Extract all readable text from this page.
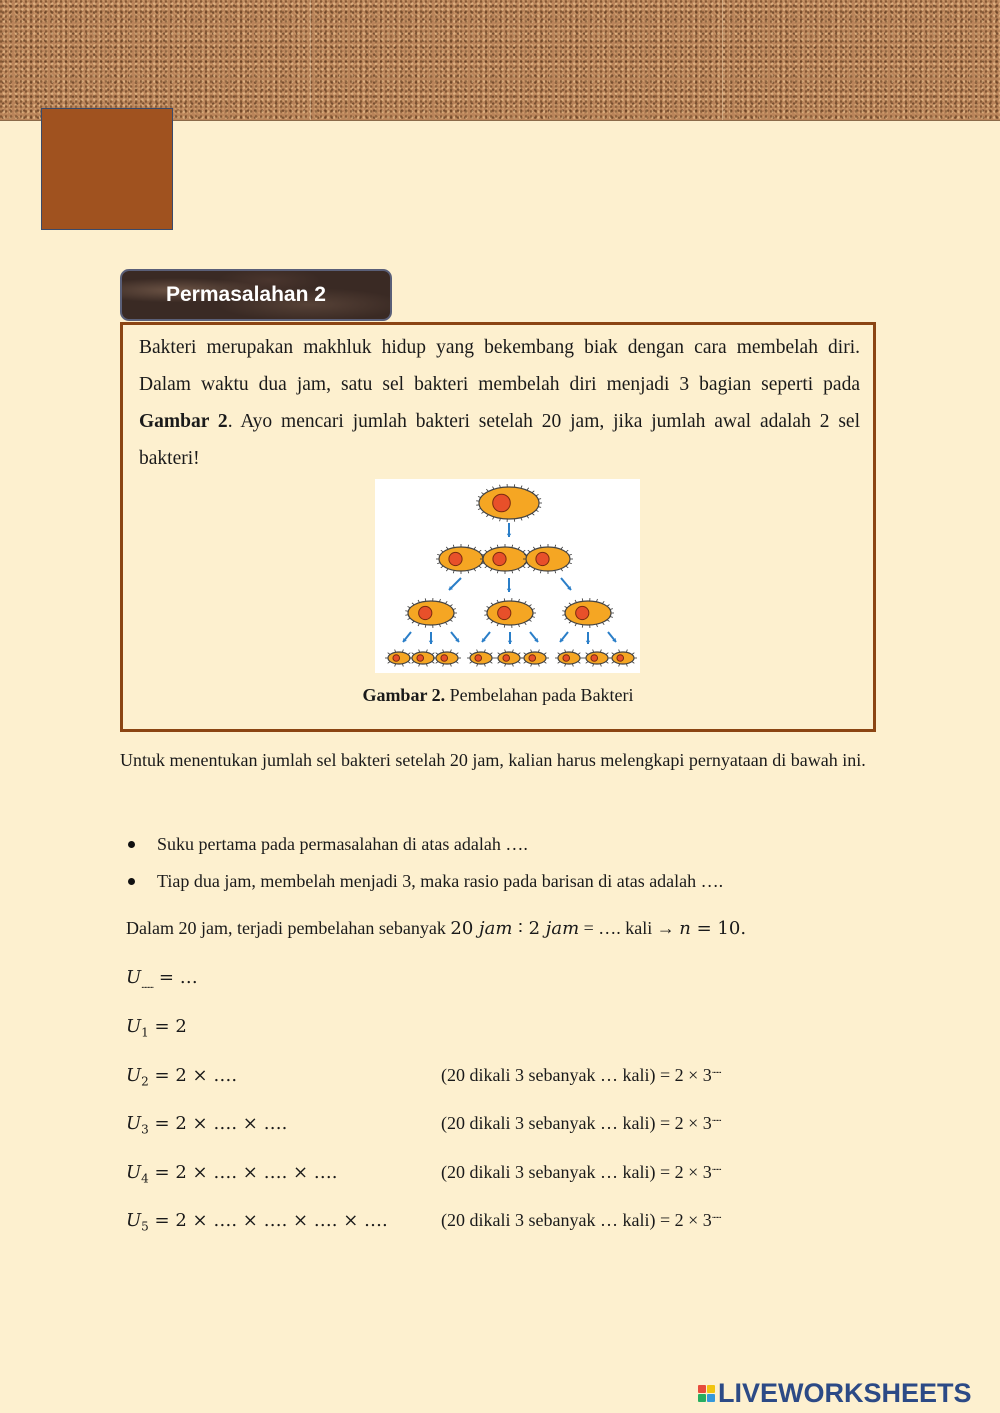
Permasalahan 2
Bakteri merupakan makhluk hidup yang bekembang biak dengan cara membelah diri. Dalam waktu dua jam, satu sel bakteri membelah diri menjadi 3 bagian seperti pada Gambar 2. Ayo mencari jumlah bakteri setelah 20 jam, jika jumlah awal adalah 2 sel bakteri!
Gambar 2. Pembelahan pada Bakteri
Untuk menentukan jumlah sel bakteri setelah 20 jam, kalian harus melengkapi pernyataan di bawah ini.
Suku pertama pada permasalahan di atas adalah ….
Tiap dua jam, membelah menjadi 3, maka rasio pada barisan di atas adalah ….
Dalam 20 jam, terjadi pembelahan sebanyak 20 jam ∶ 2 jam = …. kali → n = 10.
$U_{........}$ = …
$U_1 = 2$
$U_2 = 2$ × ….	(20 dikali 3 sebanyak … kali) = 2 × 3......
$U_3 = 2$ × …. × ….	(20 dikali 3 sebanyak … kali) = 2 × 3......
$U_4 = 2$ × …. × …. × ….	(20 dikali 3 sebanyak … kali) = 2 × 3......
$U_5 = 2$ × …. × …. × …. × ….	(20 dikali 3 sebanyak … kali) = 2 × 3......
LIVEWORKSHEETS
